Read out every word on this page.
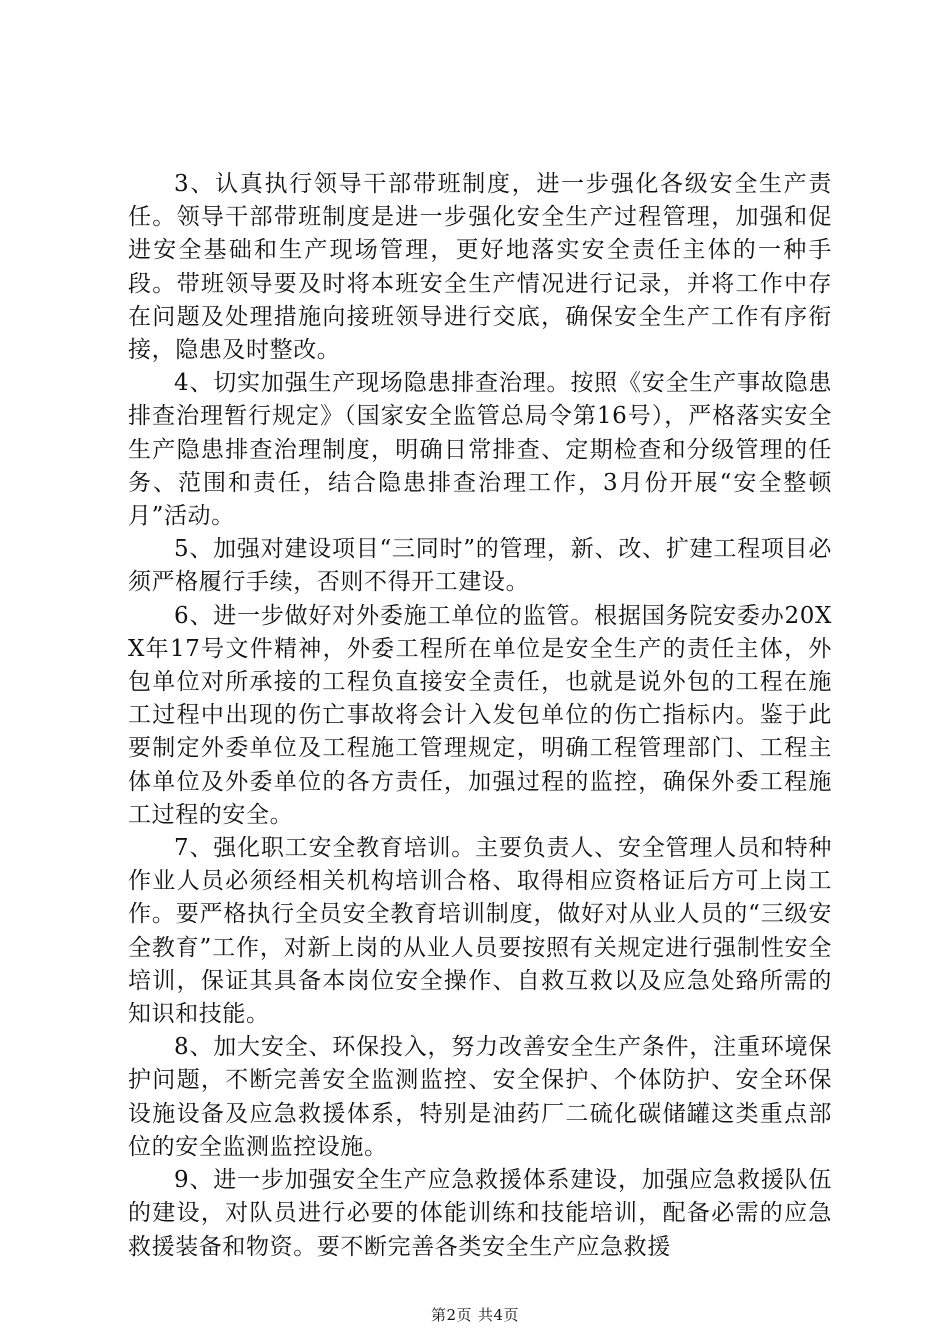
3、认真执行领导干部带班制度，进一步强化各级安全生产责任。领导干部带班制度是进一步强化安全生产过程管理，加强和促进安全基础和生产现场管理，更好地落实安全责任主体的一种手段。带班领导要及时将本班安全生产情况进行记录，并将工作中存在问题及处理措施向接班领导进行交底，确保安全生产工作有序衔接，隐患及时整改。

4、切实加强生产现场隐患排查治理。按照《安全生产事故隐患排查治理暂行规定》（国家安全监管总局令第16号），严格落实安全生产隐患排查治理制度，明确日常排查、定期检查和分级管理的任务、范围和责任，结合隐患排查治理工作，3月份开展“安全整顿月”活动。

5、加强对建设项目“三同时”的管理，新、改、扩建工程项目必须严格履行手续，否则不得开工建设。

6、进一步做好对外委施工单位的监管。根据国务院安委办20XX年17号文件精神，外委工程所在单位是安全生产的责任主体，外包单位对所承接的工程负直接安全责任，也就是说外包的工程在施工过程中出现的伤亡事故将会计入发包单位的伤亡指标内。鉴于此要制定外委单位及工程施工管理规定，明确工程管理部门、工程主体单位及外委单位的各方责任，加强过程的监控，确保外委工程施工过程的安全。

7、强化职工安全教育培训。主要负责人、安全管理人员和特种作业人员必须经相关机构培训合格、取得相应资格证后方可上岗工作。要严格执行全员安全教育培训制度，做好对从业人员的“三级安全教育”工作，对新上岗的从业人员要按照有关规定进行强制性安全培训，保证其具备本岗位安全操作、自救互救以及应急处臵所需的知识和技能。

8、加大安全、环保投入，努力改善安全生产条件，注重环境保护问题，不断完善安全监测监控、安全保护、个体防护、安全环保设施设备及应急救援体系，特别是油药厂二硫化碳储罐这类重点部位的安全监测监控设施。

9、进一步加强安全生产应急救援体系建设，加强应急救援队伍的建设，对队员进行必要的体能训练和技能培训，配备必需的应急救援装备和物资。要不断完善各类安全生产应急救援

第2页 共4页
